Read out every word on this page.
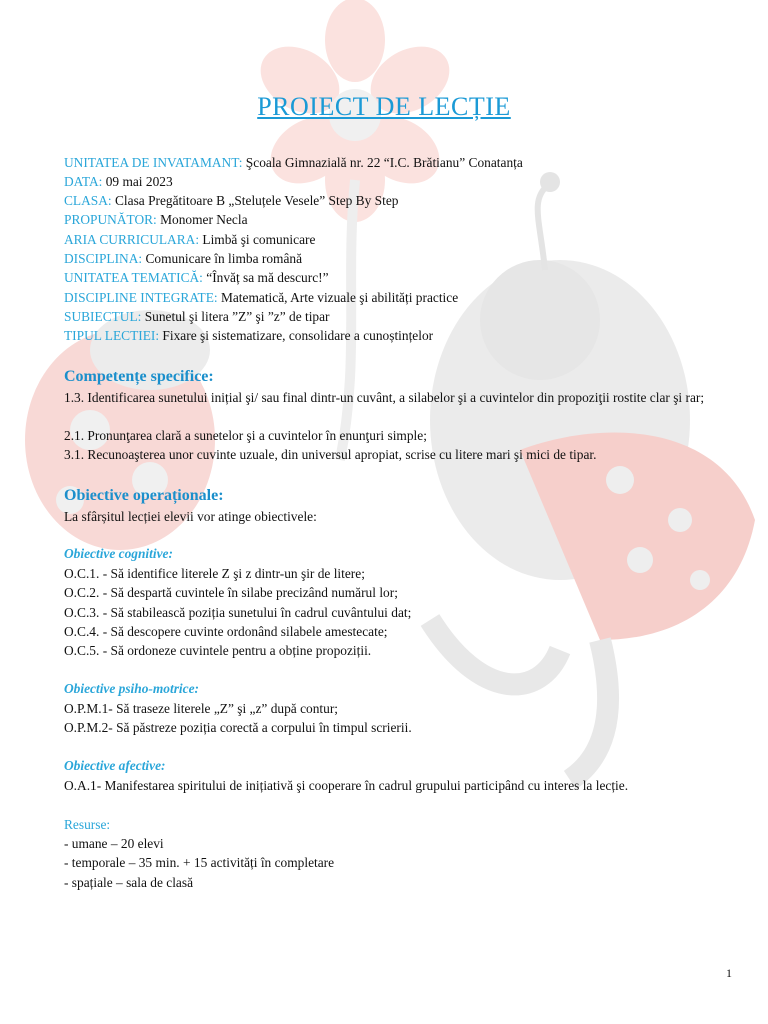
PROIECT DE LECȚIE
UNITATEA DE INVATAMANT: Şcoala Gimnazială nr. 22 “I.C. Brătianu” Conatanța
DATA: 09 mai 2023
CLASA: Clasa Pregătitoare B „Steluțele Vesele” Step By Step
PROPUNĂTOR: Monomer Necla
ARIA CURRICULARA: Limbă şi comunicare
DISCIPLINA: Comunicare în limba română
UNITATEA TEMATICĂ: “Învăț sa mă descurc!”
DISCIPLINE INTEGRATE: Matematică, Arte vizuale şi abilități practice
SUBIECTUL: Sunetul şi litera ”Z” şi ”z” de tipar
TIPUL LECTIEI: Fixare şi sistematizare, consolidare a cunoștințelor
Competențe specifice:
1.3. Identificarea sunetului inițial şi/ sau final dintr-un cuvânt, a silabelor şi a cuvintelor din propoziţii rostite clar şi rar;
2.1. Pronunţarea clară a sunetelor şi a cuvintelor în enunţuri simple;
3.1. Recunoaşterea unor cuvinte uzuale, din universul apropiat, scrise cu litere mari şi mici de tipar.
Obiective operaționale:
La sfârșitul lecției elevii vor atinge obiectivele:
Obiective cognitive:
O.C.1. - Să identifice literele Z şi z dintr-un şir de litere;
O.C.2. - Să despartă cuvintele în silabe precizând numărul lor;
O.C.3. - Să stabilească poziția sunetului în cadrul cuvântului dat;
O.C.4. - Să descopere cuvinte ordonând silabele amestecate;
O.C.5. - Să ordoneze cuvintele pentru a obține propoziții.
Obiective psiho-motrice:
O.P.M.1- Să traseze literele „Z” şi „z” după contur;
O.P.M.2- Să păstreze poziția corectă a corpului în timpul scrierii.
Obiective afective:
O.A.1- Manifestarea spiritului de inițiativă şi cooperare în cadrul grupului participând cu interes la lecție.
Resurse:
- umane – 20 elevi
- temporale – 35 min. + 15 activități în completare
- spațiale – sala de clasă
1
